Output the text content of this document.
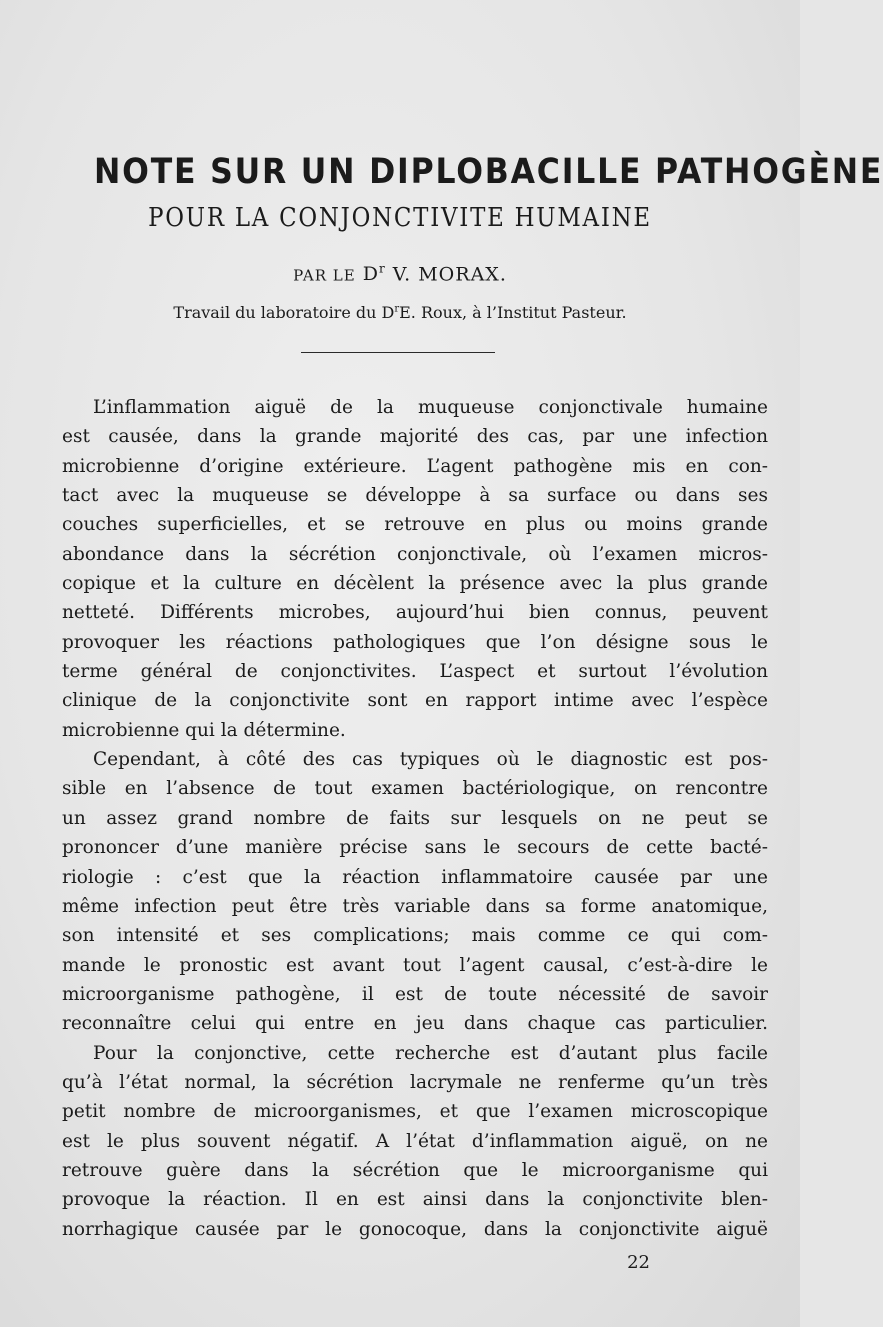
NOTE SUR UN DIPLOBACILLE PATHOGÈNE
POUR LA CONJONCTIVITE HUMAINE
PAR LE $D^r$ V. MORAX.
Travail du laboratoire du $D^rE$. Roux, à l’Institut Pasteur.
L’inflammation aiguë de la muqueuse conjonctivale humaine
est causée, dans la grande majorité des cas, par une infection
microbienne d’origine extérieure. L’agent pathogène mis en con-
tact avec la muqueuse se développe à sa surface ou dans ses
couches superficielles, et se retrouve en plus ou moins grande
abondance dans la sécrétion conjonctivale, où l’examen micros-
copique et la culture en décèlent la présence avec la plus grande
netteté. Différents microbes, aujourd’hui bien connus, peuvent
provoquer les réactions pathologiques que l’on désigne sous le
terme général de conjonctivites. L’aspect et surtout l’évolution
clinique de la conjonctivite sont en rapport intime avec l’espèce
microbienne qui la détermine.
Cependant, à côté des cas typiques où le diagnostic est pos-
sible en l’absence de tout examen bactériologique, on rencontre
un assez grand nombre de faits sur lesquels on ne peut se
prononcer d’une manière précise sans le secours de cette bacté-
riologie : c’est que la réaction inflammatoire causée par une
même infection peut être très variable dans sa forme anatomique,
son intensité et ses complications; mais comme ce qui com-
mande le pronostic est avant tout l’agent causal, c’est-à-dire le
microorganisme pathogène, il est de toute nécessité de savoir
reconnaître celui qui entre en jeu dans chaque cas particulier.
Pour la conjonctive, cette recherche est d’autant plus facile
qu’à l’état normal, la sécrétion lacrymale ne renferme qu’un très
petit nombre de microorganismes, et que l’examen microscopique
est le plus souvent négatif. A l’état d’inflammation aiguë, on ne
retrouve guère dans la sécrétion que le microorganisme qui
provoque la réaction. Il en est ainsi dans la conjonctivite blen-
norrhagique causée par le gonocoque, dans la conjonctivite aiguë
22
